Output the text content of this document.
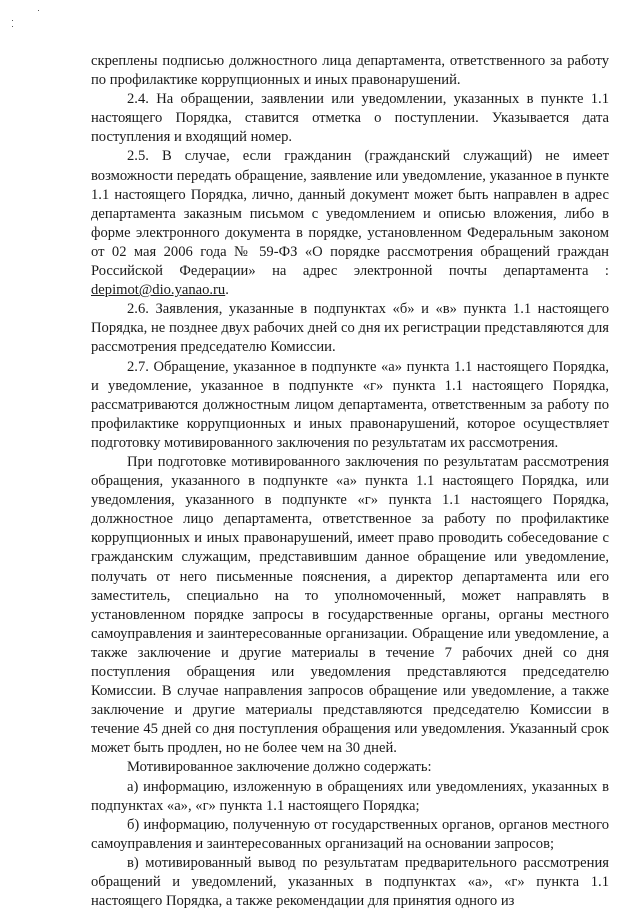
скреплены подписью должностного лица департамента, ответственного за работу по профилактике коррупционных и иных правонарушений.

2.4. На обращении, заявлении или уведомлении, указанных в пункте 1.1 настоящего Порядка, ставится отметка о поступлении. Указывается дата поступления и входящий номер.

2.5. В случае, если гражданин (гражданский служащий) не имеет возможности передать обращение, заявление или уведомление, указанное в пункте 1.1 настоящего Порядка, лично, данный документ может быть направлен в адрес департамента заказным письмом с уведомлением и описью вложения, либо в форме электронного документа в порядке, установленном Федеральным законом от 02 мая 2006 года № 59-ФЗ «О порядке рассмотрения обращений граждан Российской Федерации» на адрес электронной почты департамента : depimot@dio.yanao.ru.

2.6. Заявления, указанные в подпунктах «б» и «в» пункта 1.1 настоящего Порядка, не позднее двух рабочих дней со дня их регистрации представляются для рассмотрения председателю Комиссии.

2.7. Обращение, указанное в подпункте «а» пункта 1.1 настоящего Порядка, и уведомление, указанное в подпункте «г» пункта 1.1 настоящего Порядка, рассматриваются должностным лицом департамента, ответственным за работу по профилактике коррупционных и иных правонарушений, которое осуществляет подготовку мотивированного заключения по результатам их рассмотрения.

При подготовке мотивированного заключения по результатам рассмотрения обращения, указанного в подпункте «а» пункта 1.1 настоящего Порядка, или уведомления, указанного в подпункте «г» пункта 1.1 настоящего Порядка, должностное лицо департамента, ответственное за работу по профилактике коррупционных и иных правонарушений, имеет право проводить собеседование с гражданским служащим, представившим данное обращение или уведомление, получать от него письменные пояснения, а директор департамента или его заместитель, специально на то уполномоченный, может направлять в установленном порядке запросы в государственные органы, органы местного самоуправления и заинтересованные организации. Обращение или уведомление, а также заключение и другие материалы в течение 7 рабочих дней со дня поступления обращения или уведомления представляются председателю Комиссии. В случае направления запросов обращение или уведомление, а также заключение и другие материалы представляются председателю Комиссии в течение 45 дней со дня поступления обращения или уведомления. Указанный срок может быть продлен, но не более чем на 30 дней.

Мотивированное заключение должно содержать:

а) информацию, изложенную в обращениях или уведомлениях, указанных в подпунктах «а», «г» пункта 1.1 настоящего Порядка;

б) информацию, полученную от государственных органов, органов местного самоуправления и заинтересованных организаций на основании запросов;

в) мотивированный вывод по результатам предварительного рассмотрения обращений и уведомлений, указанных в подпунктах «а», «г» пункта 1.1 настоящего Порядка, а также рекомендации для принятия одного из
